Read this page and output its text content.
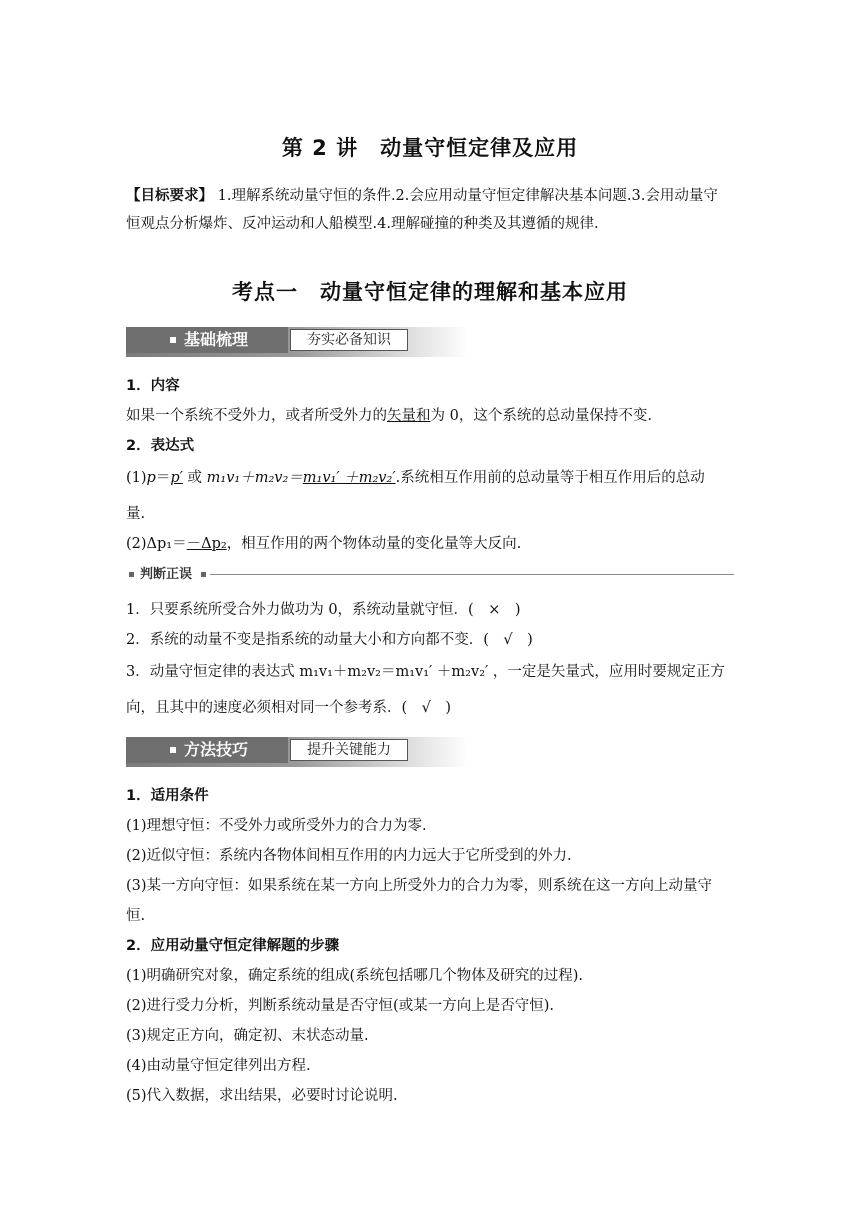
第 2 讲　动量守恒定律及应用
【目标要求】 1.理解系统动量守恒的条件.2.会应用动量守恒定律解决基本问题.3.会用动量守
恒观点分析爆炸、反冲运动和人船模型.4.理解碰撞的种类及其遵循的规律.
考点一　动量守恒定律的理解和基本应用
基础梳理	夯实必备知识
1．内容
如果一个系统不受外力，或者所受外力的矢量和为 0，这个系统的总动量保持不变.
2．表达式
(1)p＝p′ 或 m₁v₁＋m₂v₂＝m₁v₁′ ＋m₂v₂′.系统相互作用前的总动量等于相互作用后的总动
量.
(2)Δp₁＝－Δp₂，相互作用的两个物体动量的变化量等大反向.
判断正误
1．只要系统所受合外力做功为 0，系统动量就守恒．(　×　)
2．系统的动量不变是指系统的动量大小和方向都不变．(　√　)
3．动量守恒定律的表达式 m₁v₁＋m₂v₂＝m₁v₁′ ＋m₂v₂′ ，一定是矢量式，应用时要规定正方
向，且其中的速度必须相对同一个参考系．(　√　)
方法技巧	提升关键能力
1．适用条件
(1)理想守恒：不受外力或所受外力的合力为零.
(2)近似守恒：系统内各物体间相互作用的内力远大于它所受到的外力.
(3)某一方向守恒：如果系统在某一方向上所受外力的合力为零，则系统在这一方向上动量守
恒.
2．应用动量守恒定律解题的步骤
(1)明确研究对象，确定系统的组成(系统包括哪几个物体及研究的过程).
(2)进行受力分析，判断系统动量是否守恒(或某一方向上是否守恒).
(3)规定正方向，确定初、末状态动量.
(4)由动量守恒定律列出方程.
(5)代入数据，求出结果，必要时讨论说明.
